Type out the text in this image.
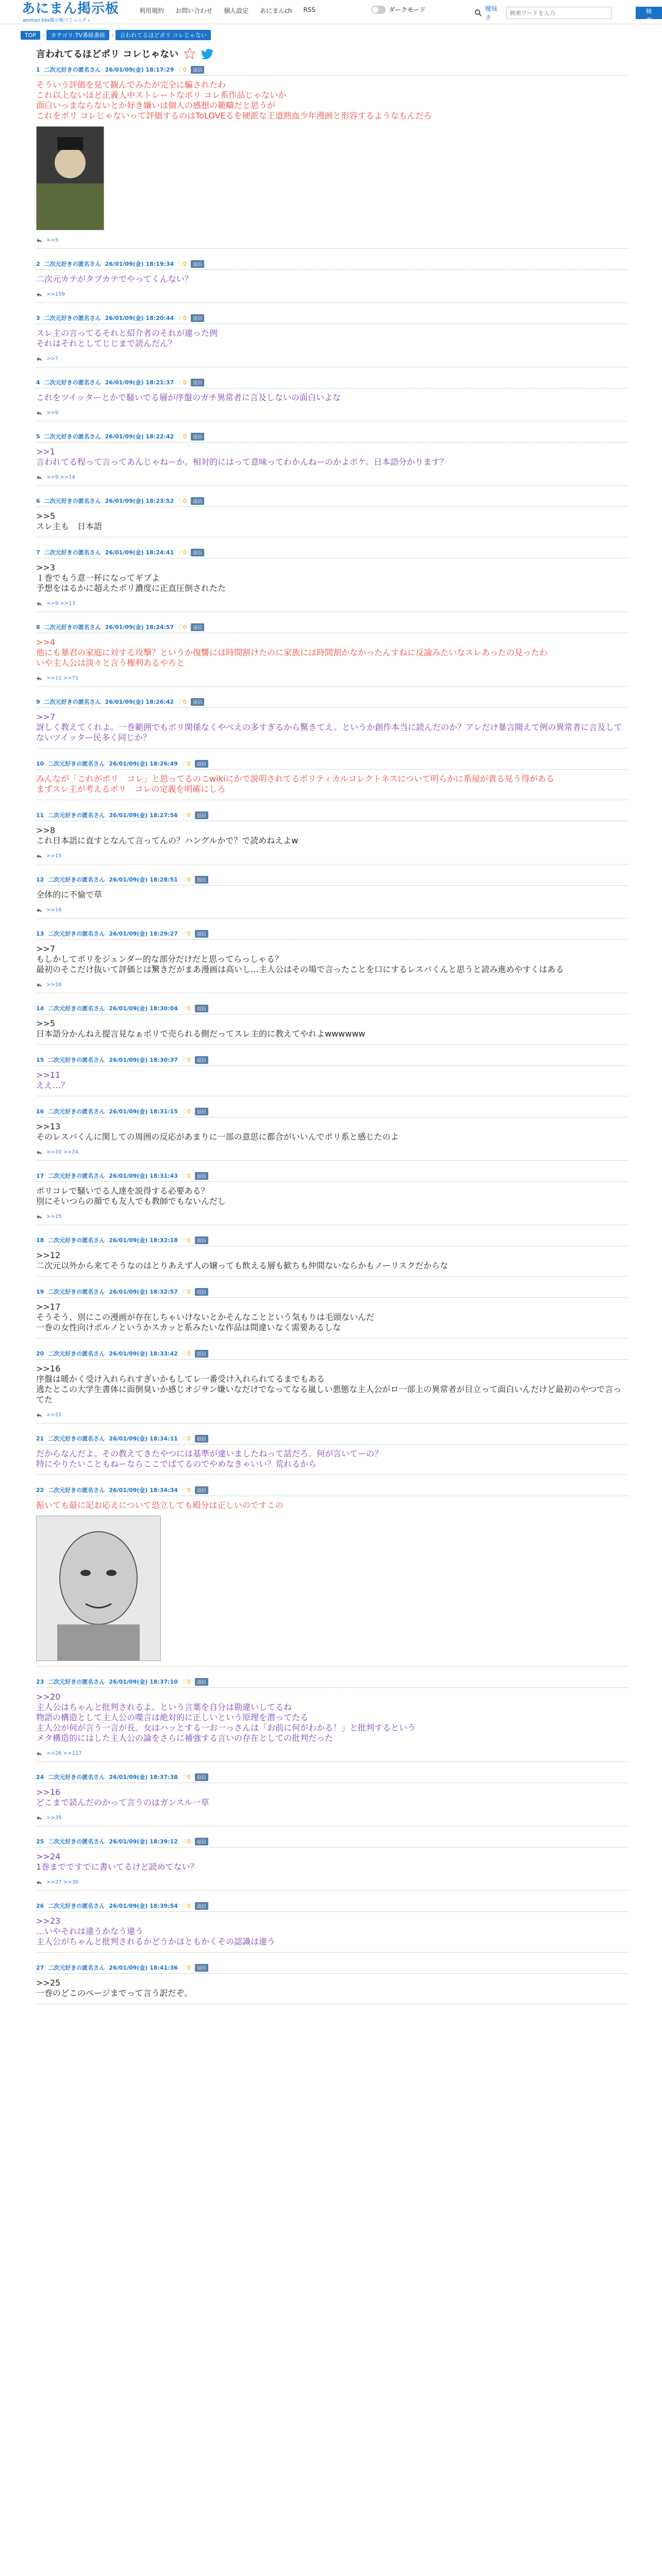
あにまん掲示板
animan bbs掲示板コミュニティ
利用規約 お問い合わせ 個人設定 あにまんch RSS	ダークモード	曖昧さ
検索ワードを入力
検索
TOP	›	カテゴリ:TV番組番組	›	言われてるほどポリ コレじゃない
言われてるほどポリ コレじゃない
1 二次元好きの匿名さん 26/01/09(金) 18:17:29 ♡0	返信
そういう評価を見て観んでみたが完全に騙されたわ
これ以上ないほど正義人中ストレートなポリ コレ系作品じゃないか
面白いっまならないとか好き嫌いは個人の感想の範疇だと思うが
これをポリ コレじゃないって評価するのはToLOVEるを硬派な王道熱血少年漫画と形容するようなもんだろ
>>5
2 二次元好きの匿名さん 26/01/09(金) 18:19:34 ♡0	返信
二次元カテがタブカテでやってくんない？
>>159
3 二次元好きの匿名さん 26/01/09(金) 18:20:44 ♡0	返信
スレ主の言ってるそれと紹介者のそれが違った例
それはそれとしてじじまで読んだん？
>>7
4 二次元好きの匿名さん 26/01/09(金) 18:21:37 ♡0	返信
これをツイッターとかで騒いでる層が序盤のガチ異常者に言及しないの面白いよな
>>9
5 二次元好きの匿名さん 26/01/09(金) 18:22:42 ♡0	返信
>>1
言われてる程って言ってあんじゃねーか。相対的にはって意味ってわかんねーのかよボケ。日本語分かります？
>>9 >>14
6 二次元好きの匿名さん 26/01/09(金) 18:23:52 ♡0	返信
>>5
スレ主も　日本語
7 二次元好きの匿名さん 26/01/09(金) 18:24:41 ♡0	返信
>>3
１巻でもう意一杯になってギブよ
予想をはるかに超えたポリ濃度に正直圧倒されたた
>>9 >>13
8 二次元好きの匿名さん 26/01/09(金) 18:24:57 ♡0	返信
>>4
他にも暴君の家庭に対する攻撃？というか復讐には時間割けたのに家族には時間割かなかったんすねに反論みたいなスレあったの見ったわ
いや主人公は淡々と言う権利あるやろと
>>11 >>71
9 二次元好きの匿名さん 26/01/09(金) 18:26:42 ♡0	返信
>>7
訝しく教えてくれよ。一巻範囲でもポリ関係なくやべえの多すぎるから驚きてえ。というか創作本当に読んだのか？アレだけ暴言聞えて例の異常者に言及してないツイッター民多く同じか？
10 二次元好きの匿名さん 26/01/09(金) 18:26:49 ♡0	返信
みんなが「これがポリ　コレ」と思ってるのこwikiにかで説明されてるポリティカルコレクトネスについて明らかに系屋が責る見う得がある
まずスレ主が考えるポリ　コレの定義を明確にしろ
11 二次元好きの匿名さん 26/01/09(金) 18:27:56 ♡0	返信
>>8
これ日本語に直すとなんて言ってんの？ハングルかで？で読めねえよw
>>15
12 二次元好きの匿名さん 26/01/09(金) 18:28:51 ♡0	返信
全体的に不愉で草
>>16
13 二次元好きの匿名さん 26/01/09(金) 18:29:27 ♡0	返信
>>7
もしかしてポリをジェンダー的な部分だけだと思ってらっしゃる？
最初のそこだけ抜いて評価とは驚きだがまあ漫画は高いし…主人公はその場で言ったことを口にするレスバくんと思うと読み進めやすくはある
>>16
14 二次元好きの匿名さん 26/01/09(金) 18:30:04 ♡0	返信
>>5
日本語分かんねえ提言見なぁポリで売られる側だってスレ主的に教えてやれよwwwwww
15 二次元好きの匿名さん 26/01/09(金) 18:30:37 ♡0	返信
>>11
ええ…？
16 二次元好きの匿名さん 26/01/09(金) 18:31:15 ♡0	返信
>>13
そのレスバくんに関しての周囲の反応があまりに一部の意思に都合がいいんでポリ系と感じたのよ
>>10 >>24
17 二次元好きの匿名さん 26/01/09(金) 18:31:43 ♡0	返信
ポリコレで騒いでる人達を説得する必要ある？
別にそいつらの顔でも友人でも教師でもないんだし
>>15
18 二次元好きの匿名さん 26/01/09(金) 18:32:18 ♡0	返信
>>12
二次元以外から来てそうなのはとりあえず人の嬢っても飲える層も歓ちも仲間ないならかもノーリスクだからな
19 二次元好きの匿名さん 26/01/09(金) 18:32:57 ♡0	返信
>>17
そうそう、別にこの漫画が存在しちゃいけないとかそんなことという気もりは毛頭ないんだ
一巻の女性向けポルノというかスカッと系みたいな作品は間違いなく需要あるしな
20 二次元好きの匿名さん 26/01/09(金) 18:33:42 ♡0	返信
>>16
序盤は暖かく受け入れられすぎいかもしてレ一番受け入れられてるまでもある
逃たとこの大学生書体に面倒臭いか感じオジサン嫌いなだけでなってなる嵐しい悪態な主人公がロ一部上の異常者が目立って面白いんだけど最初のやつで言ってた
>>21
21 二次元好きの匿名さん 26/01/09(金) 18:34:11 ♡0	返信
だからなんだよ。その教えてきたやつには基準が違いましたねって話だろ。何が言いてーの？
特にやりたいこともねーならここでばてるのでやめなきゃいい？荒れるから
22 二次元好きの匿名さん 26/01/09(金) 18:34:34 ♡0	返信
振いても最に記お応えについて恐立しても殿分は正しいのですこの
23 二次元好きの匿名さん 26/01/09(金) 18:37:10 ♡0	返信
>>20
主人公はちゃんと批判されるよ。という言葉を自分は勘違いしてるね
物語の構造として主人公の喋言は絶対的に正しいという原理を潜ってたる
主人公が何が言う一言が長。女はハッとする一お一っさんは「お前に何がわかる！」と批判するという
メタ構造的にはした主人公の論をさらに補強する言いの存在としての批判だった
>>26 >>127
24 二次元好きの匿名さん 26/01/09(金) 18:37:38 ♡0	返信
>>16
どこまで読んだのかって言うのはガンスル一草
>>35
25 二次元好きの匿名さん 26/01/09(金) 18:39:12 ♡0	返信
>>24
1巻までですでに書いてるけど読めてない？
>>27 >>30
26 二次元好きの匿名さん 26/01/09(金) 18:39:54 ♡0	返信
>>23
…いやそれは違うかなう違う
主人公がちゃんと批判されるかどうかはともかくその認識は違う
27 二次元好きの匿名さん 26/01/09(金) 18:41:36 ♡0	返信
>>25
一巻のどこのページまでって言う訳だぞ。
